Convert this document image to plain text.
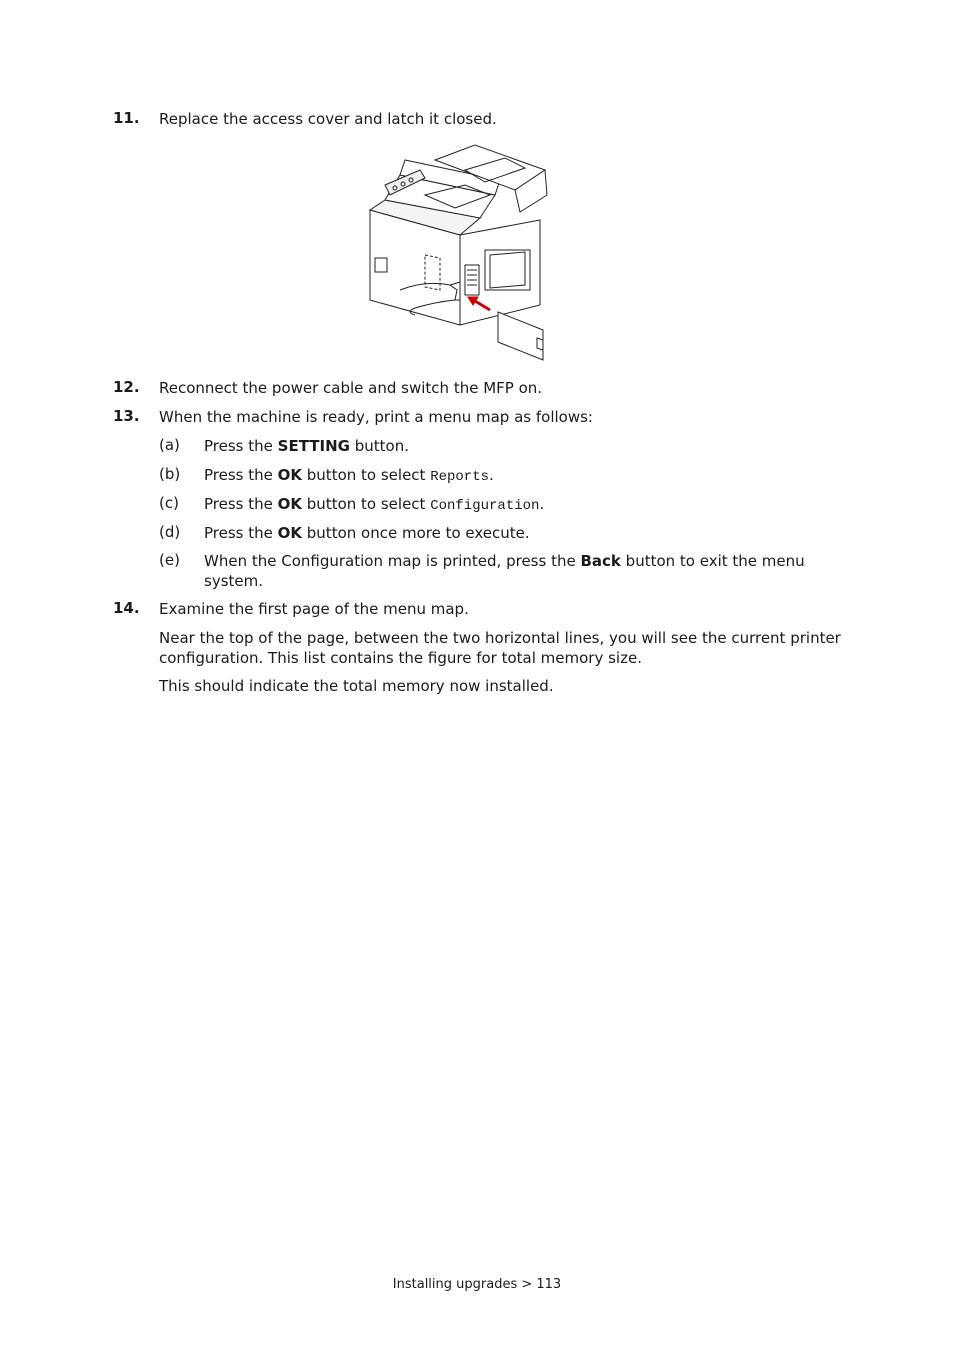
11. Replace the access cover and latch it closed.
12. Reconnect the power cable and switch the MFP on.
13. When the machine is ready, print a menu map as follows:
(a) Press the SETTING button.
(b) Press the OK button to select Reports.
(c) Press the OK button to select Configuration.
(d) Press the OK button once more to execute.
(e) When the Configuration map is printed, press the Back button to exit the menu system.
14. Examine the first page of the menu map.
Near the top of the page, between the two horizontal lines, you will see the current printer configuration. This list contains the figure for total memory size.
This should indicate the total memory now installed.
Installing upgrades > 113
